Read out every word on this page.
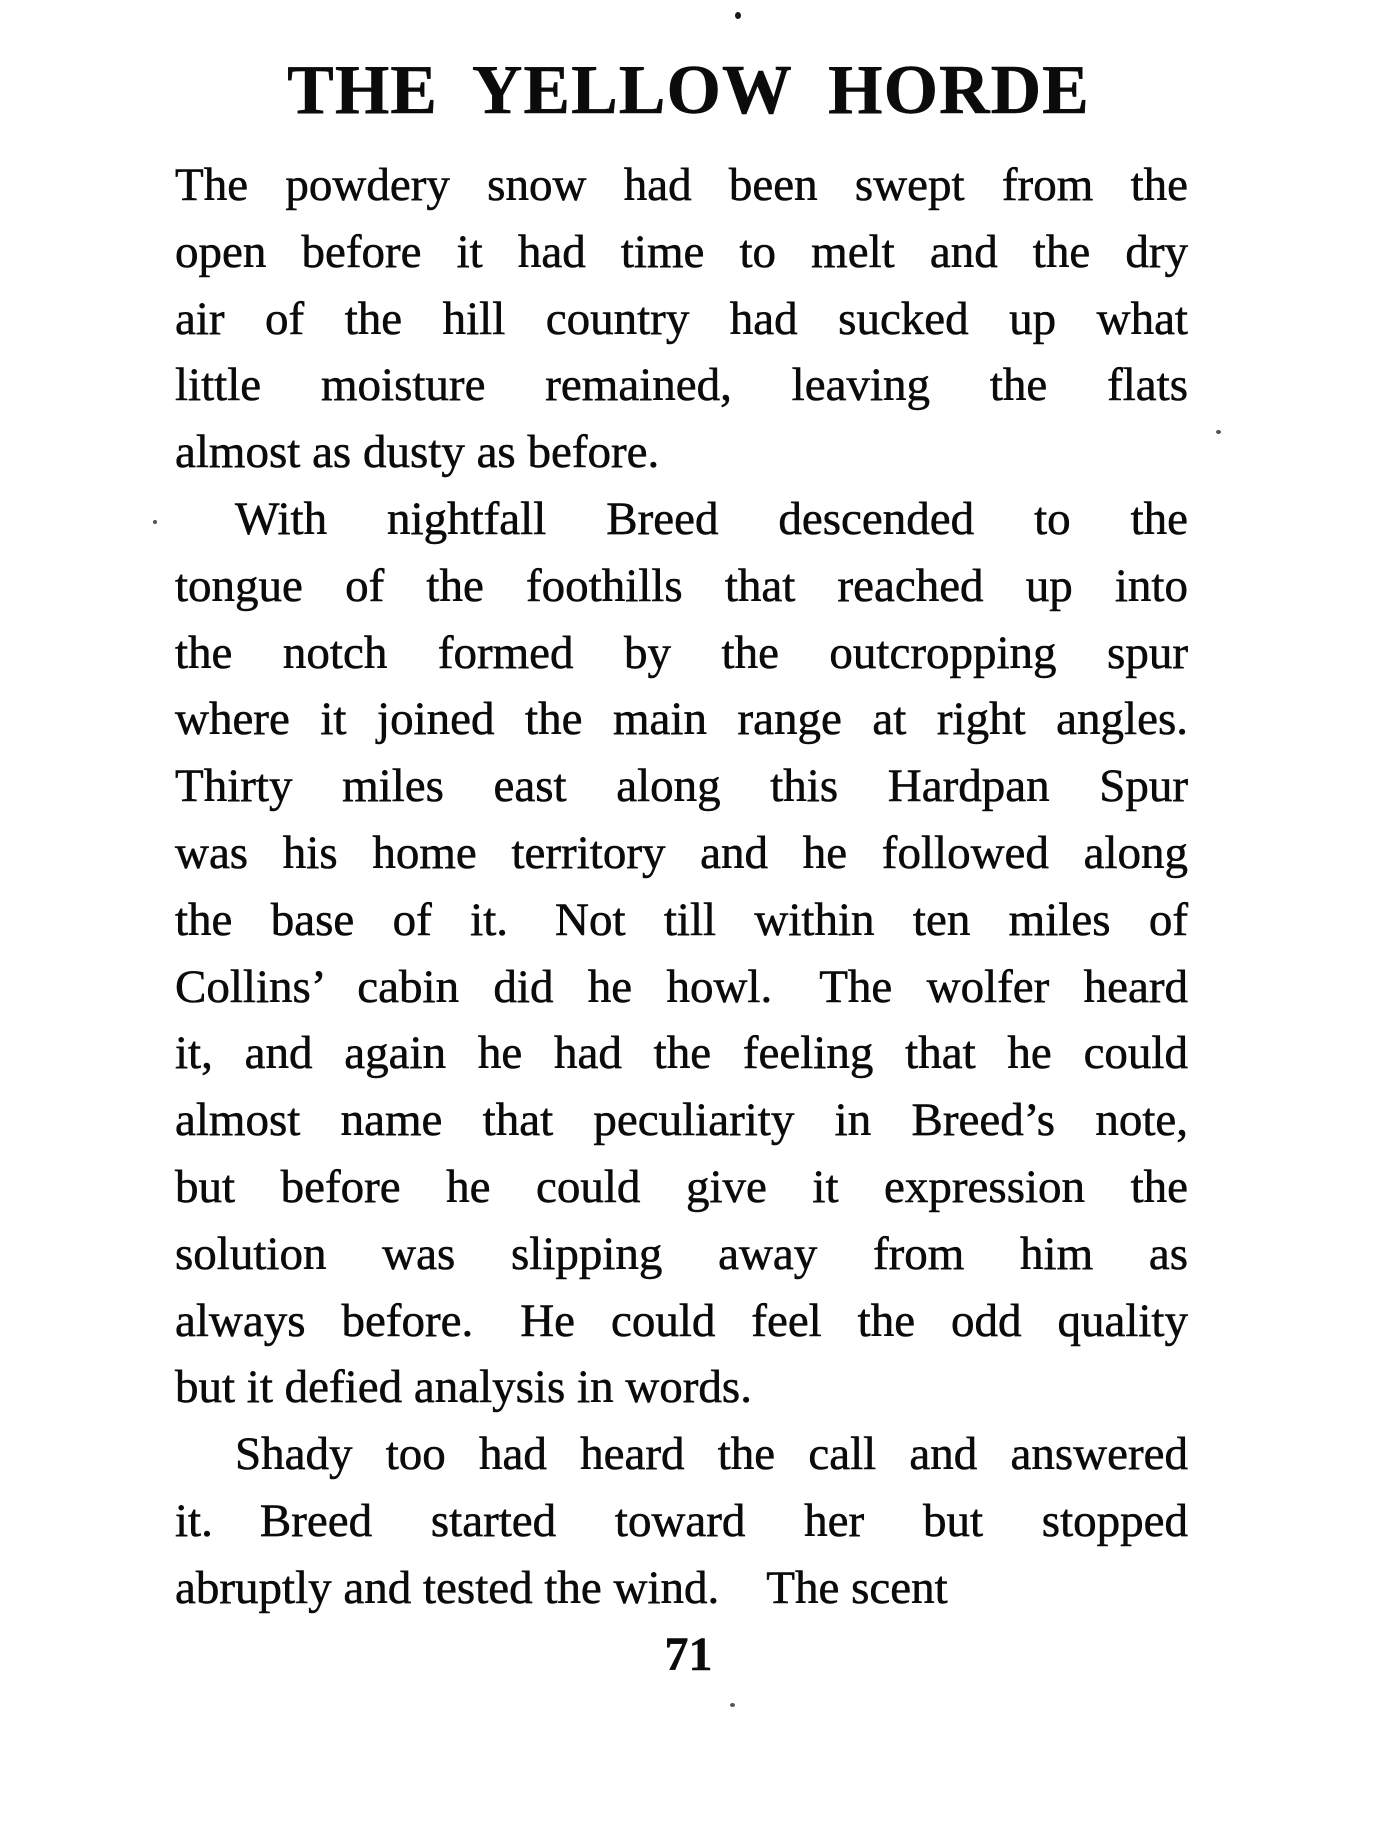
THE YELLOW HORDE
The powdery snow had been swept from the
open before it had time to melt and the dry
air of the hill country had sucked up what
little moisture remained, leaving the flats
almost as dusty as before.
With nightfall Breed descended to the
tongue of the foothills that reached up into
the notch formed by the outcropping spur
where it joined the main range at right angles.
Thirty miles east along this Hardpan Spur
was his home territory and he followed along
the base of it.  Not till within ten miles of
Collins’ cabin did he howl.  The wolfer heard
it, and again he had the feeling that he could
almost name that peculiarity in Breed’s note,
but before he could give it expression the
solution was slipping away from him as
always before.  He could feel the odd quality
but it defied analysis in words.
Shady too had heard the call and answered
it.  Breed started toward her but stopped
abruptly and tested the wind.  The scent
71
